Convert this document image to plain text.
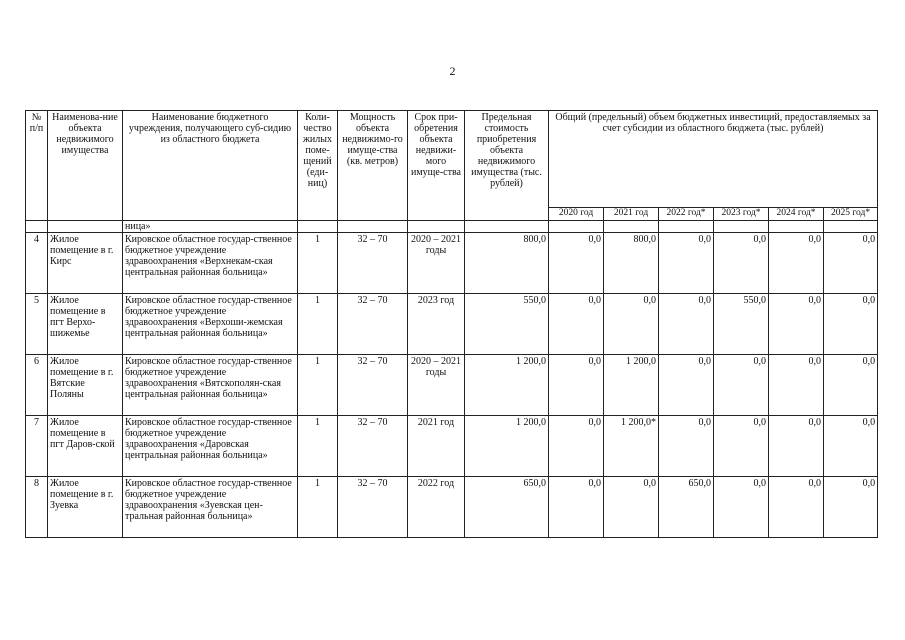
2
№ п/п	Наименова-ние объекта недвижимого имущества	Наименование бюджетного учреждения, получающего суб-сидию из областного бюджета	Коли-чество жилых поме-щений (еди-ниц)	Мощность объекта недвижимо-го имуще-ства (кв. метров)	Срок при-обретения объекта недвижи-мого имуще-ства	Предельная стоимость приобретения объекта недвижимого имущества (тыс. рублей)	Общий (предельный) объем бюджетных инвестиций, предоставляемых за счет субсидии из областного бюджета (тыс. рублей)					
							2020 год	2021 год	2022 год*	2023 год*	2024 год*	2025 год*
		ница»										
4	Жилое помещение в г. Кирс	Кировское областное государ-ственное бюджетное учреждение здравоохранения «Верхнекам-ская центральная районная больница»	1	32 – 70	2020 – 2021 годы	800,0	0,0	800,0	0,0	0,0	0,0	0,0
5	Жилое помещение в пгт Верхо-шижемье	Кировское областное государ-ственное бюджетное учреждение здравоохранения «Верхоши-жемская центральная районная больница»	1	32 – 70	2023 год	550,0	0,0	0,0	0,0	550,0	0,0	0,0
6	Жилое помещение в г. Вятские Поляны	Кировское областное государ-ственное бюджетное учреждение здравоохранения «Вятскополян-ская центральная районная больница»	1	32 – 70	2020 – 2021 годы	1 200,0	0,0	1 200,0	0,0	0,0	0,0	0,0
7	Жилое помещение в пгт Даров-ской	Кировское областное государ-ственное бюджетное учреждение здравоохранения «Даровская центральная районная больница»	1	32 – 70	2021 год	1 200,0	0,0	1 200,0*	0,0	0,0	0,0	0,0
8	Жилое помещение в г. Зуевка	Кировское областное государ-ственное бюджетное учреждение здравоохранения «Зуевская цен-тральная районная больница»	1	32 – 70	2022 год	650,0	0,0	0,0	650,0	0,0	0,0	0,0
